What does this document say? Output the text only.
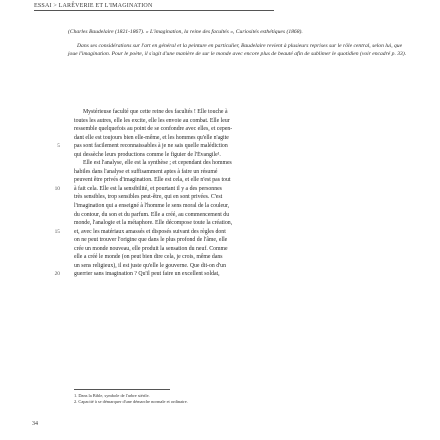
ESSAI > LARÊVERIE ET L'IMAGINATION

(Charles Baudelaire (1821-1867). « L'imagination, la reine des facultés », Curiosités esthétiques (1868).

Dans ses considérations sur l'art en général et la peinture en particulier, Baudelaire revient à plusieurs reprises sur le rôle central, selon lui, que joue l'imagination. Pour le poète, il s'agit d'une manière de sur le monde avec encore plus de beauté afin de sublimer le quotidien (voir encadré p. 33).

Mystérieuse faculté que cette reine des facultés ! Elle touche à
toutes les autres, elle les excite, elle les envoie au combat. Elle leur
ressemble quelquefois au point de se confondre avec elles, et cepen-
dant elle est toujours bien elle-même, et les hommes qu'elle n'agite
pas sont facilement reconnaissables à je ne sais quelle malédiction
qui dessèche leurs productions comme le figuier de l'Évangile¹.
Elle est l'analyse, elle est la synthèse ; et cependant des hommes
habiles dans l'analyse et suffisamment aptes à faire un résumé
peuvent être privés d'imagination. Elle est cela, et elle n'est pas tout
à fait cela. Elle est la sensibilité, et pourtant il y a des personnes
très sensibles, trop sensibles peut-être, qui en sont privées. C'est
l'imagination qui a enseigné à l'homme le sens moral de la couleur,
du contour, du son et du parfum. Elle a créé, au commencement du
monde, l'analogie et la métaphore. Elle décompose toute la création,
et, avec les matériaux amassés et disposés suivant des règles dont
on ne peut trouver l'origine que dans le plus profond de l'âme, elle
crée un monde nouveau, elle produit la sensation du neuf. Comme
elle a créé le monde (on peut bien dire cela, je crois, même dans
un sens religieux), il est juste qu'elle le gouverne. Que dit-on d'un
guerrier sans imagination ? Qu'il peut faire un excellent soldat,
5
10
15
20

1. Dans la Bible, symbole de l'arbre stérile.

2. Capacité à se démarquer d'une démarche normale et ordinaire.

34
